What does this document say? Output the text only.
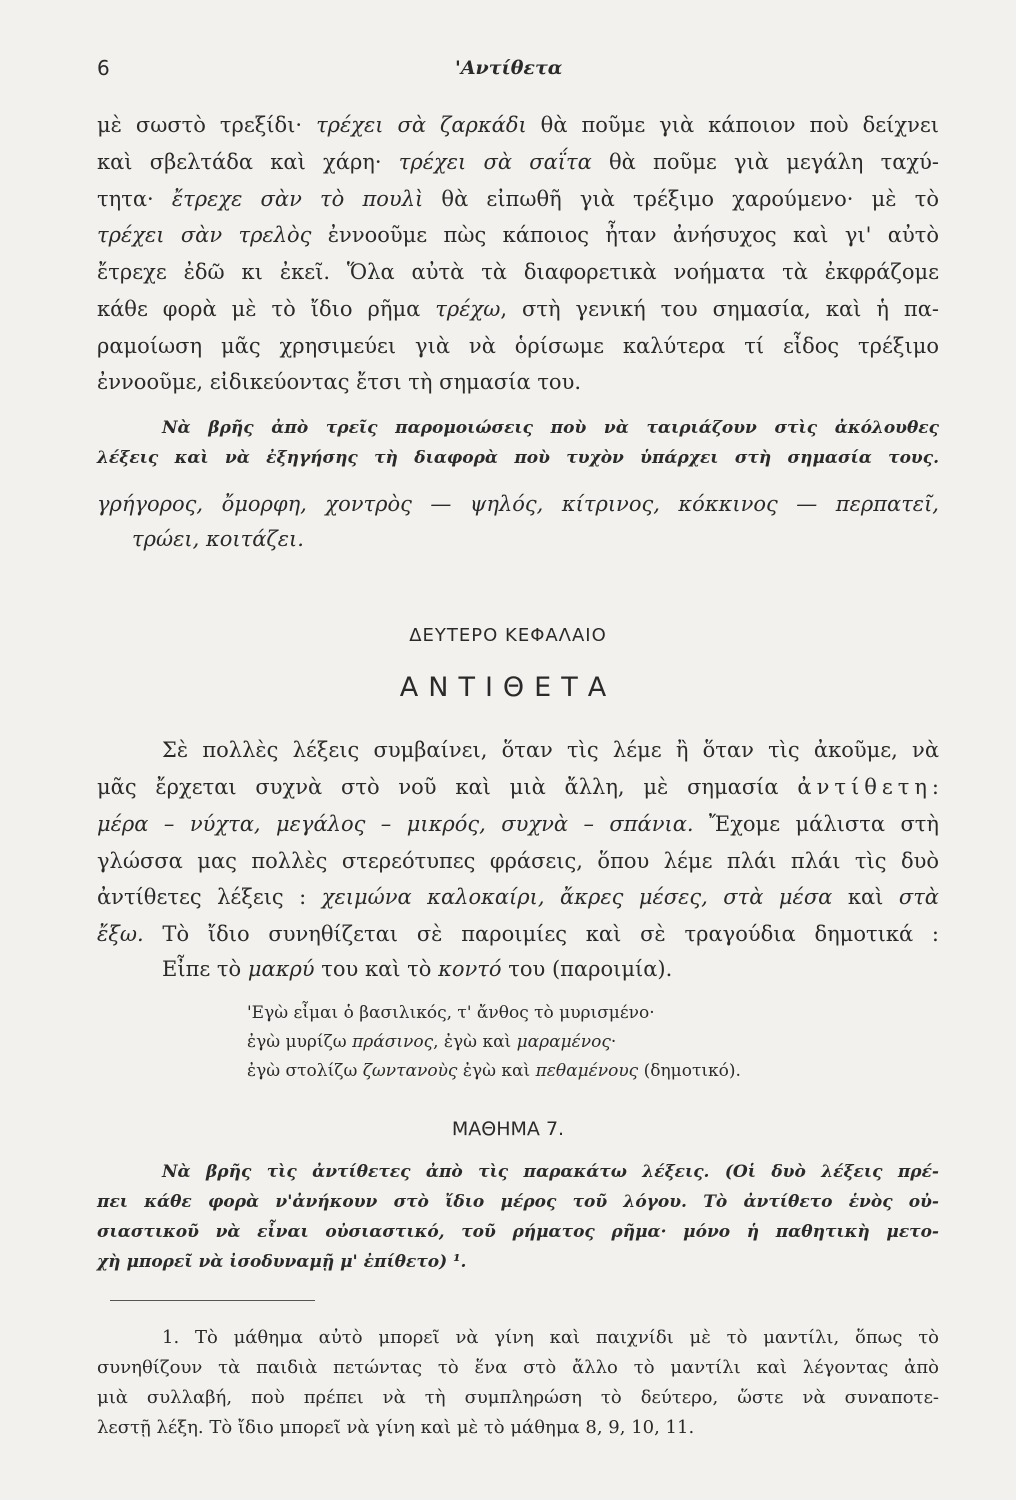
6	'Αντίθετα
μὲ σωστὸ τρεξίδι· τρέχει σὰ ζαρκάδι θὰ ποῦμε γιὰ κάποιον ποὺ δείχνει
καὶ σβελτάδα καὶ χάρη· τρέχει σὰ σαΐτα θὰ ποῦμε γιὰ μεγάλη ταχύ-
τητα· ἔτρεχε σὰν τὸ πουλὶ θὰ εἰπωθῆ γιὰ τρέξιμο χαρούμενο· μὲ τὸ
τρέχει σὰν τρελὸς ἐννοοῦμε πὼς κάποιος ἦταν ἀνήσυχος καὶ γι' αὐτὸ
ἔτρεχε ἐδῶ κι ἐκεῖ. Ὅλα αὐτὰ τὰ διαφορετικὰ νοήματα τὰ ἐκφράζομε
κάθε φορὰ μὲ τὸ ἴδιο ρῆμα τρέχω, στὴ γενική του σημασία, καὶ ἡ πα-
ραμοίωση μᾶς χρησιμεύει γιὰ νὰ ὁρίσωμε καλύτερα τί εἶδος τρέξιμο
ἐννοοῦμε, εἰδικεύοντας ἔτσι τὴ σημασία του.
Νὰ βρῆς ἀπὸ τρεῖς παρομοιώσεις ποὺ νὰ ταιριάζουν στὶς ἀκόλουθες
λέξεις καὶ νὰ ἐξηγήσης τὴ διαφορὰ ποὺ τυχὸν ὑπάρχει στὴ σημασία τους.
γρήγορος, ὄμορφη, χοντρὸς — ψηλός, κίτρινος, κόκκινος — περπατεῖ,
τρώει, κοιτάζει.
ΔΕΥΤΕΡΟ ΚΕΦΑΛΑΙΟ
ΑΝΤΙΘΕΤΑ
Σὲ πολλὲς λέξεις συμβαίνει, ὅταν τὶς λέμε ἢ ὅταν τὶς ἀκοῦμε, νὰ
μᾶς ἔρχεται συχνὰ στὸ νοῦ καὶ μιὰ ἄλλη, μὲ σημασία ἀντίθετη:
μέρα – νύχτα, μεγάλος – μικρός, συχνὰ – σπάνια. Ἔχομε μάλιστα στὴ
γλώσσα μας πολλὲς στερεότυπες φράσεις, ὅπου λέμε πλάι πλάι τὶς δυὸ
ἀντίθετες λέξεις : χειμώνα καλοκαίρι, ἄκρες μέσες, στὰ μέσα καὶ στὰ
ἔξω. Τὸ ἴδιο συνηθίζεται σὲ παροιμίες καὶ σὲ τραγούδια δημοτικά :
Εἶπε τὸ μακρύ του καὶ τὸ κοντό του (παροιμία).
'Εγὼ εἶμαι ὁ βασιλικός, τ' ἄνθος τὸ μυρισμένο·
ἐγὼ μυρίζω πράσινος, ἐγὼ καὶ μαραμένος·
ἐγὼ στολίζω ζωντανοὺς ἐγὼ καὶ πεθαμένους (δημοτικό).
ΜΑΘΗΜΑ 7.
Νὰ βρῆς τὶς ἀντίθετες ἀπὸ τὶς παρακάτω λέξεις. (Οἱ δυὸ λέξεις πρέ-
πει κάθε φορὰ ν'ἀνήκουν στὸ ἴδιο μέρος τοῦ λόγου. Τὸ ἀντίθετο ἑνὸς οὐ-
σιαστικοῦ νὰ εἶναι οὐσιαστικό, τοῦ ρήματος ρῆμα· μόνο ἡ παθητικὴ μετο-
χὴ μπορεῖ νὰ ἰσοδυναμῇ μ' ἐπίθετο) ¹.
1. Τὸ μάθημα αὐτὸ μπορεῖ νὰ γίνη καὶ παιχνίδι μὲ τὸ μαντίλι, ὅπως τὸ
συνηθίζουν τὰ παιδιὰ πετώντας τὸ ἕνα στὸ ἄλλο τὸ μαντίλι καὶ λέγοντας ἀπὸ
μιὰ συλλαβή, ποὺ πρέπει νὰ τὴ συμπληρώση τὸ δεύτερο, ὥστε νὰ συναποτε-
λεστῇ λέξη. Τὸ ἴδιο μπορεῖ νὰ γίνη καὶ μὲ τὸ μάθημα 8, 9, 10, 11.
